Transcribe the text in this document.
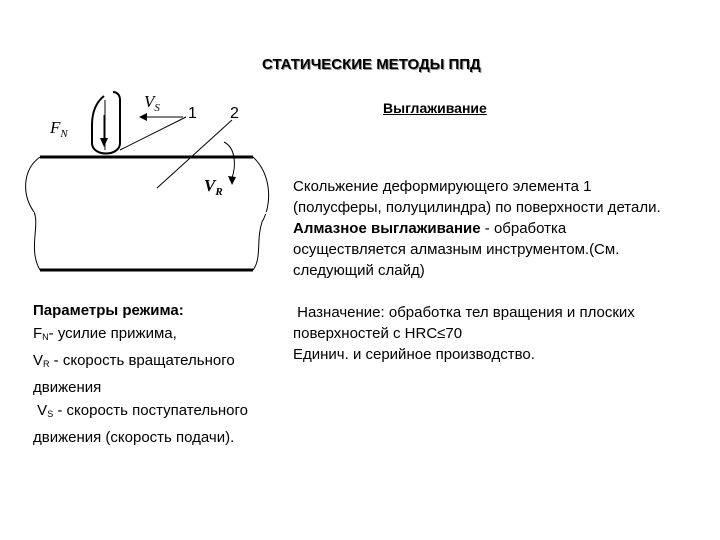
СТАТИЧЕСКИЕ МЕТОДЫ ППД
Выглаживание
$F_N$
$V_S$
$V_R$
1 2

Скольжение деформирующего элемента 1 (полусферы, полуцилиндра) по поверхности детали.

Алмазное выглаживание - обработка осуществляется алмазным инструментом.(См. следующий слайд)

Назначение: обработка тел вращения и плоских поверхностей с HRC≤70

Единич. и серийное производство.

Параметры режима:

$F_N-$ усилие прижима,

$V_R$ - скорость вращательного движения

$V_S$ - скорость поступательного движения (скорость подачи).
